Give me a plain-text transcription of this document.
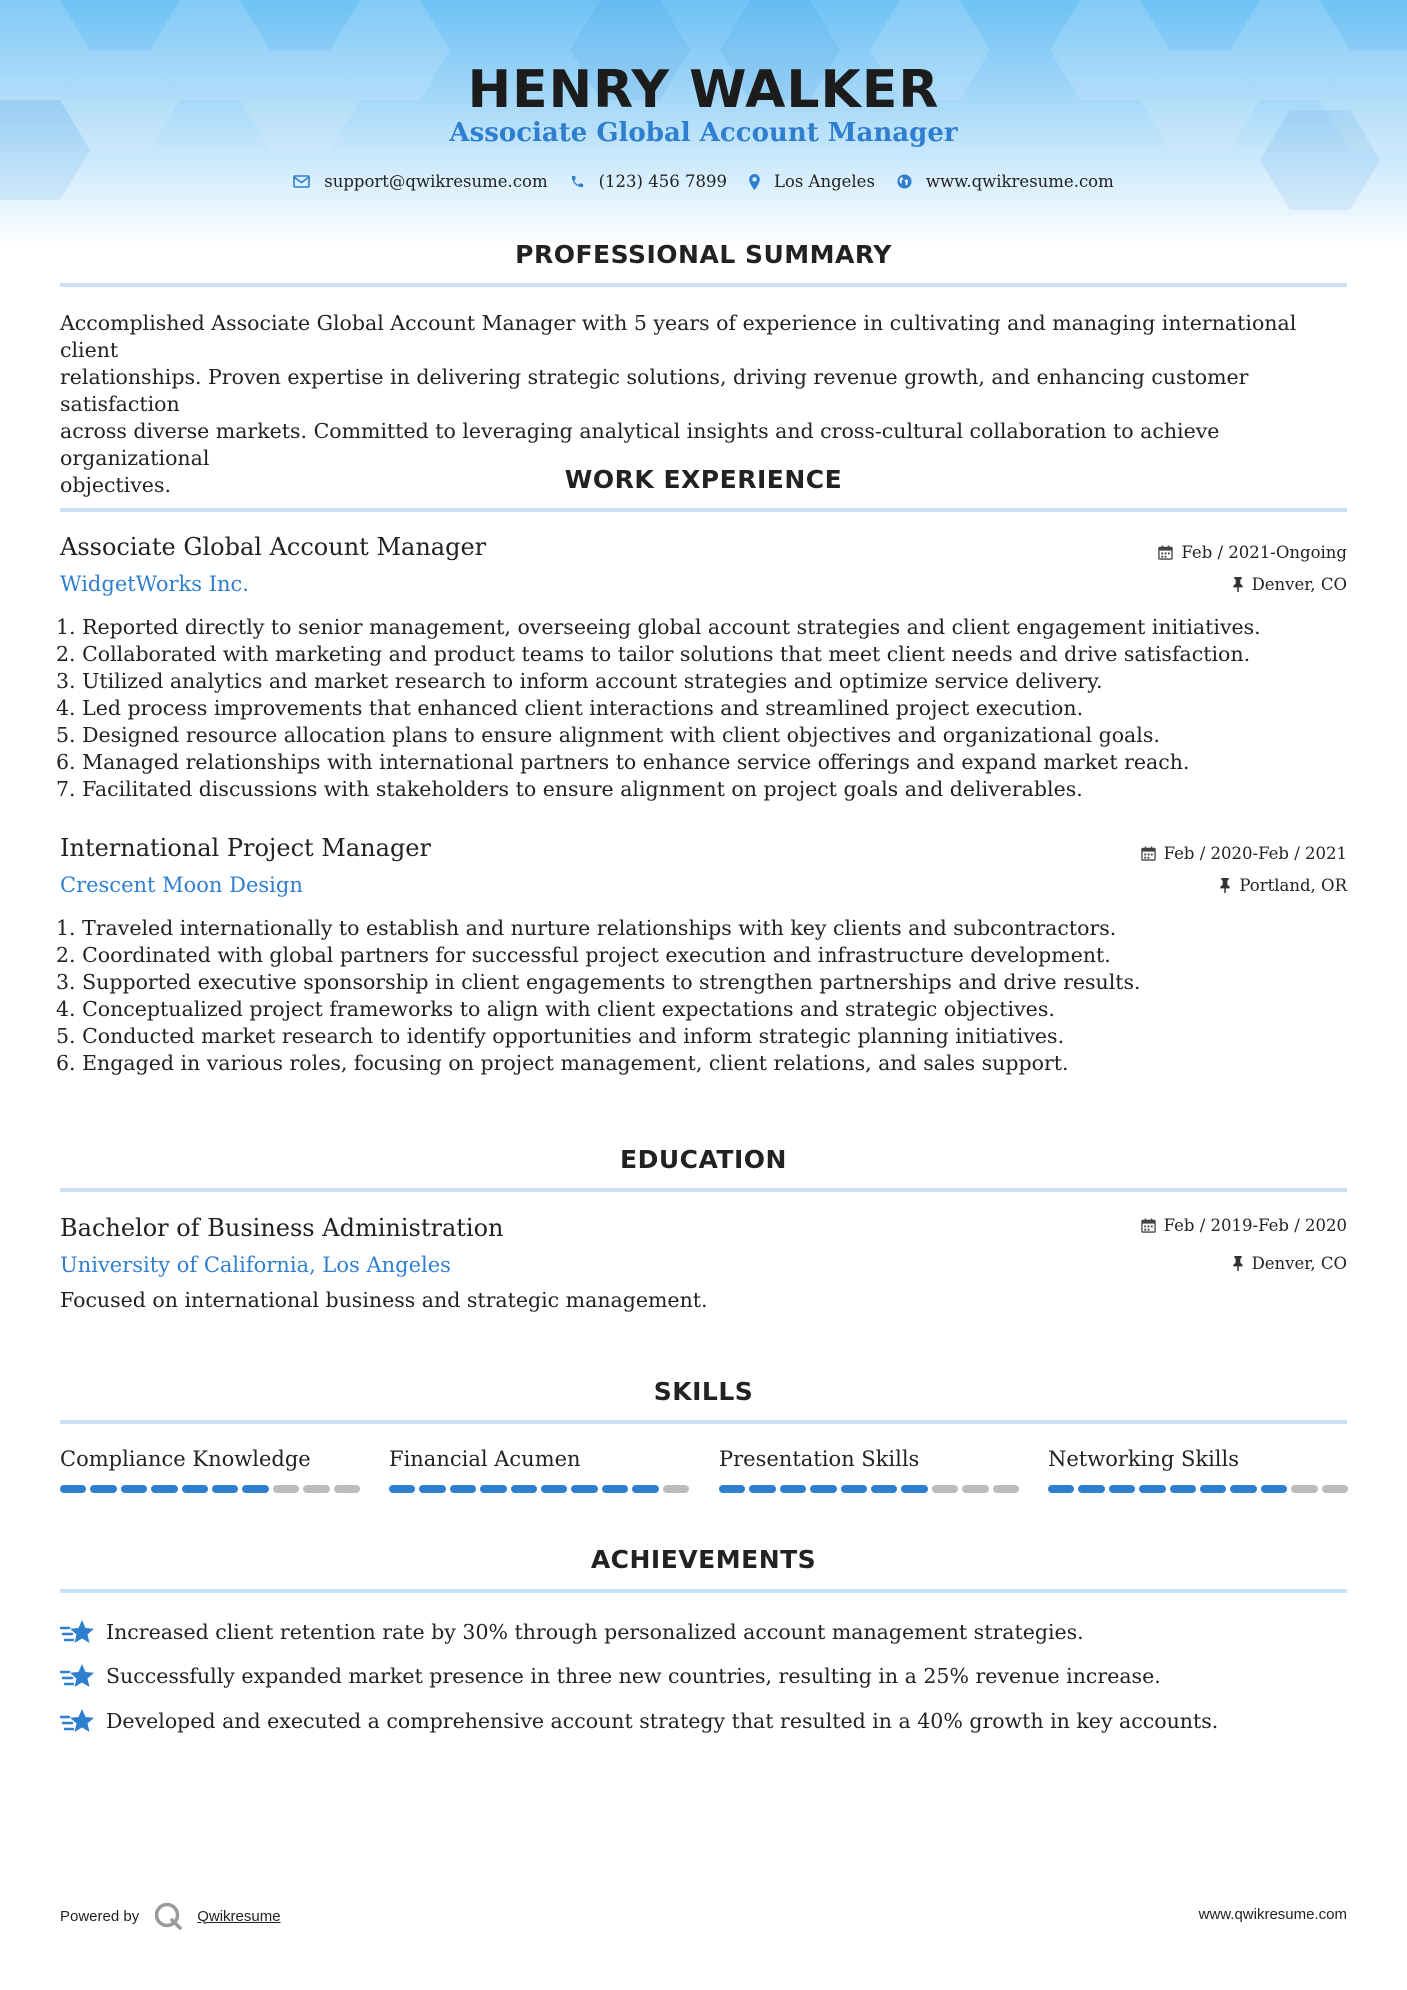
HENRY WALKER
Associate Global Account Manager
support@qwikresume.com	(123) 456 7899	Los Angeles	www.qwikresume.com
PROFESSIONAL SUMMARY
Accomplished Associate Global Account Manager with 5 years of experience in cultivating and managing international client
relationships. Proven expertise in delivering strategic solutions, driving revenue growth, and enhancing customer satisfaction
across diverse markets. Committed to leveraging analytical insights and cross-cultural collaboration to achieve organizational
objectives.	WORK EXPERIENCE
Associate Global Account Manager
WidgetWorks Inc.
Feb / 2021-Ongoing
Denver, CO
1. Reported directly to senior management, overseeing global account strategies and client engagement initiatives.
2. Collaborated with marketing and product teams to tailor solutions that meet client needs and drive satisfaction.
3. Utilized analytics and market research to inform account strategies and optimize service delivery.
4. Led process improvements that enhanced client interactions and streamlined project execution.
5. Designed resource allocation plans to ensure alignment with client objectives and organizational goals.
6. Managed relationships with international partners to enhance service offerings and expand market reach.
7. Facilitated discussions with stakeholders to ensure alignment on project goals and deliverables.
International Project Manager
Crescent Moon Design
Feb / 2020-Feb / 2021
Portland, OR
1. Traveled internationally to establish and nurture relationships with key clients and subcontractors.
2. Coordinated with global partners for successful project execution and infrastructure development.
3. Supported executive sponsorship in client engagements to strengthen partnerships and drive results.
4. Conceptualized project frameworks to align with client expectations and strategic objectives.
5. Conducted market research to identify opportunities and inform strategic planning initiatives.
6. Engaged in various roles, focusing on project management, client relations, and sales support.
EDUCATION
Bachelor of Business Administration
University of California, Los Angeles
Feb / 2019-Feb / 2020
Denver, CO
Focused on international business and strategic management.
SKILLS
Compliance Knowledge	Financial Acumen	Presentation Skills	Networking Skills
ACHIEVEMENTS
Increased client retention rate by 30% through personalized account management strategies.
Successfully expanded market presence in three new countries, resulting in a 25% revenue increase.
Developed and executed a comprehensive account strategy that resulted in a 40% growth in key accounts.
Powered by	Qwikresume	www.qwikresume.com
